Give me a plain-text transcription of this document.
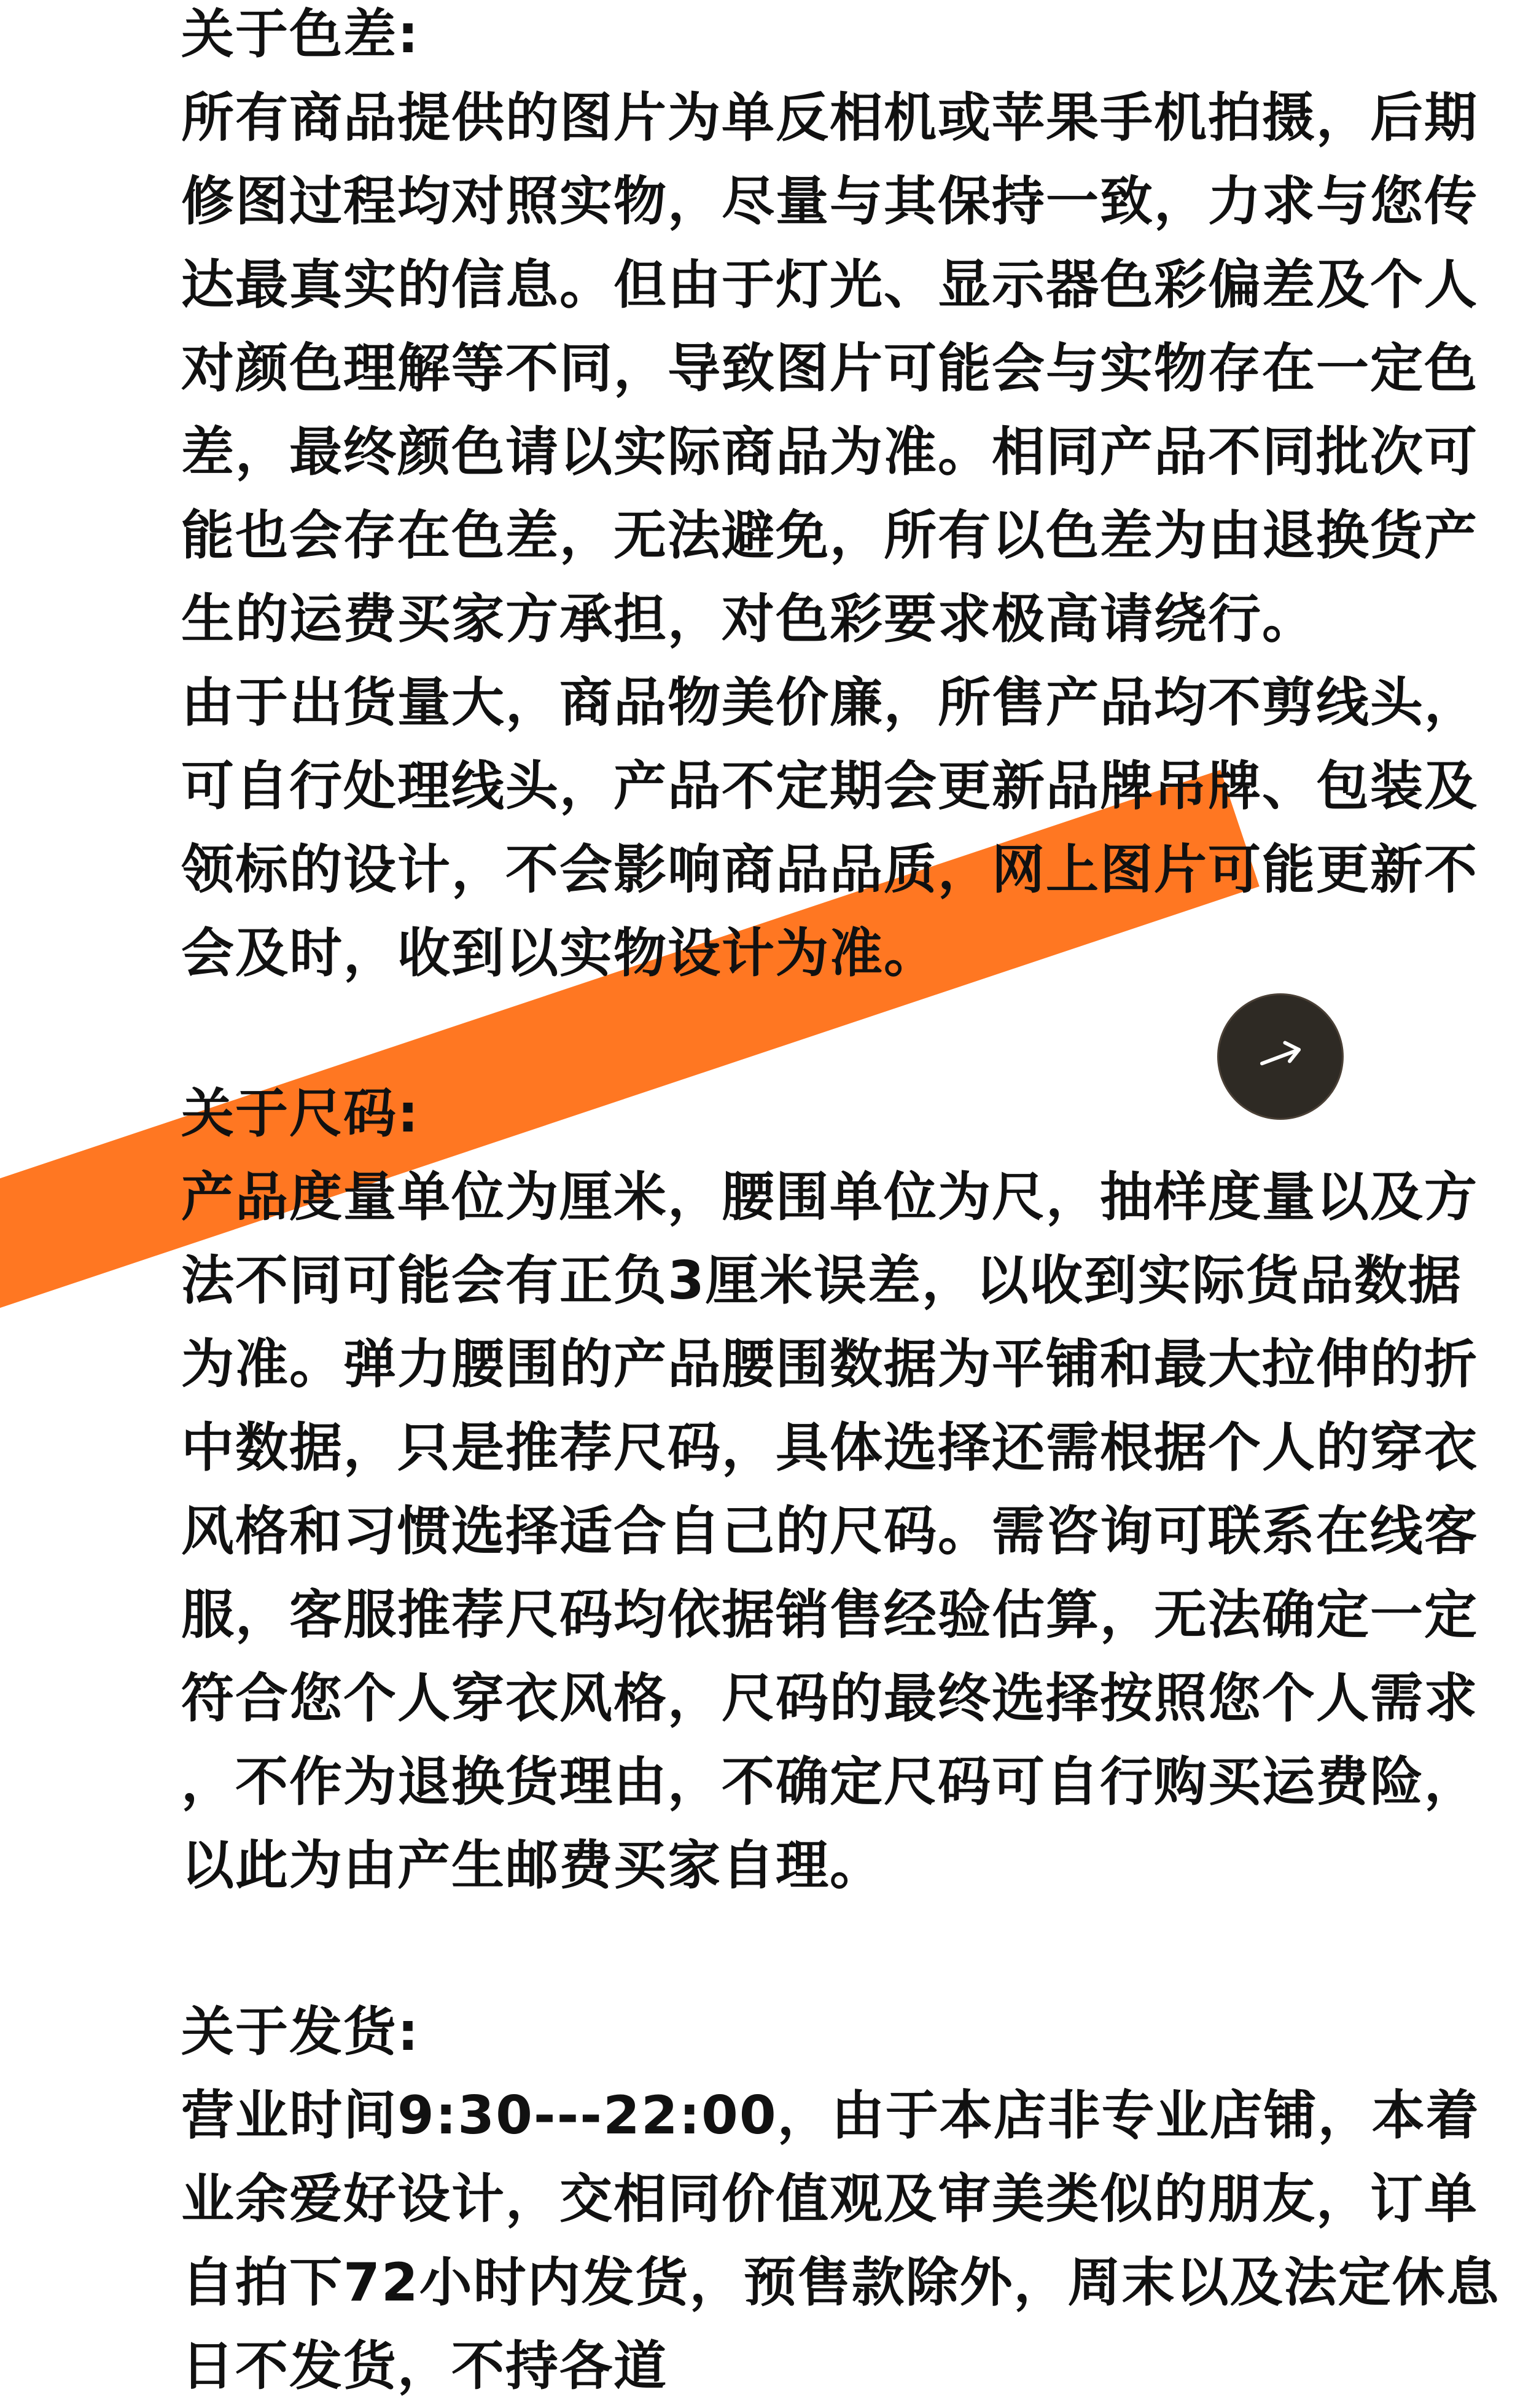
关于色差:
所有商品提供的图片为单反相机或苹果手机拍摄，后期
修图过程均对照实物，尽量与其保持一致，力求与您传
达最真实的信息。但由于灯光、显示器色彩偏差及个人
对颜色理解等不同，导致图片可能会与实物存在一定色
差，最终颜色请以实际商品为准。相同产品不同批次可
能也会存在色差，无法避免，所有以色差为由退换货产
生的运费买家方承担，对色彩要求极高请绕行。
由于出货量大，商品物美价廉，所售产品均不剪线头，
可自行处理线头，产品不定期会更新品牌吊牌、包装及
领标的设计，不会影响商品品质，网上图片可能更新不
会及时，收到以实物设计为准。
关于尺码:
产品度量单位为厘米，腰围单位为尺，抽样度量以及方
法不同可能会有正负3厘米误差，以收到实际货品数据
为准。弹力腰围的产品腰围数据为平铺和最大拉伸的折
中数据，只是推荐尺码，具体选择还需根据个人的穿衣
风格和习惯选择适合自己的尺码。需咨询可联系在线客
服，客服推荐尺码均依据销售经验估算，无法确定一定
符合您个人穿衣风格，尺码的最终选择按照您个人需求
，不作为退换货理由，不确定尺码可自行购买运费险，
以此为由产生邮费买家自理。
关于发货:
营业时间9:30---22:00，由于本店非专业店铺，本着
业余爱好设计，交相同价值观及审美类似的朋友，订单
自拍下72小时内发货，预售款除外，周末以及法定休息
日不发货，不持各道
